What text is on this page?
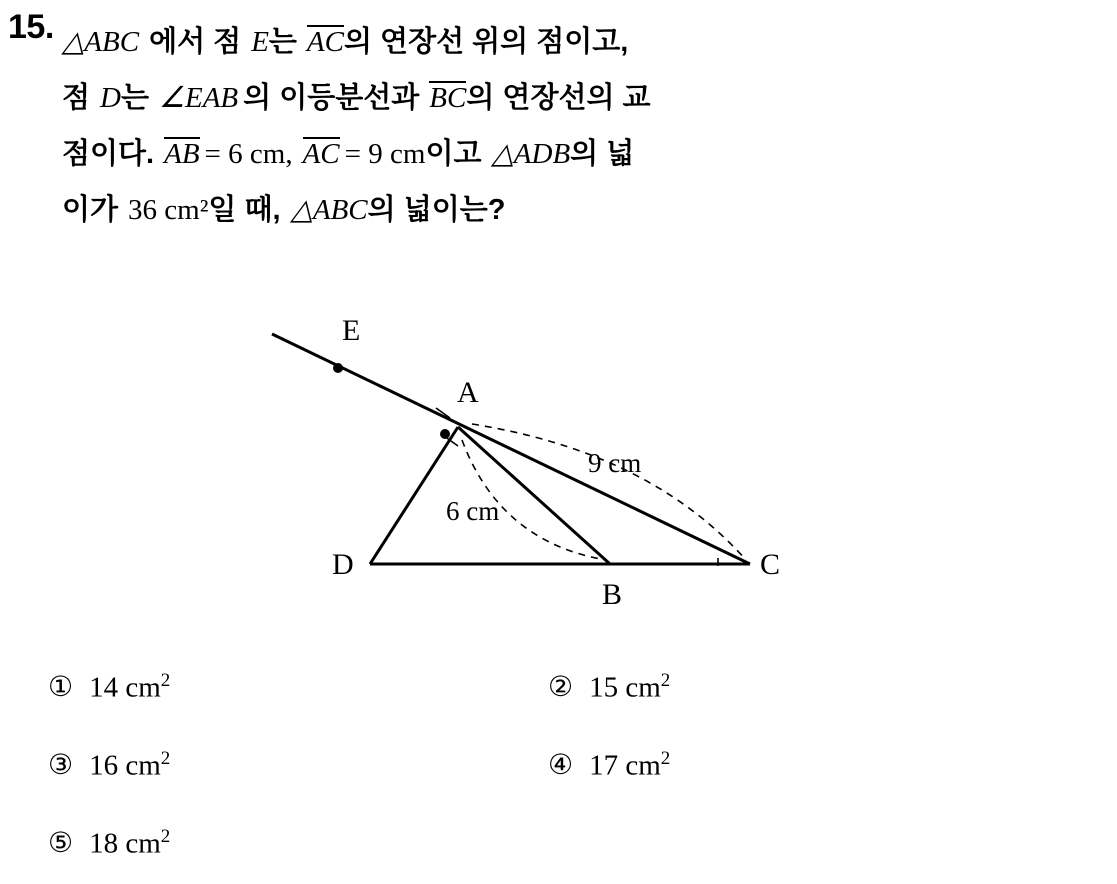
15. △ABC 에서 점 E는 AC의 연장선 위의 점이고,
점 D는 ∠EAB 의 이등분선과 BC의 연장선의 교
점이다. AB = 6 cm, AC = 9 cm이고 △ADB의 넓
이가 36 cm²일 때, △ABC의 넓이는?
E
A
B
C
D
9 cm
6 cm
① 14 $cm^2$	② 15 $cm^2$
③ 16 $cm^2$	④ 17 $cm^2$
⑤ 18 $cm^2$
